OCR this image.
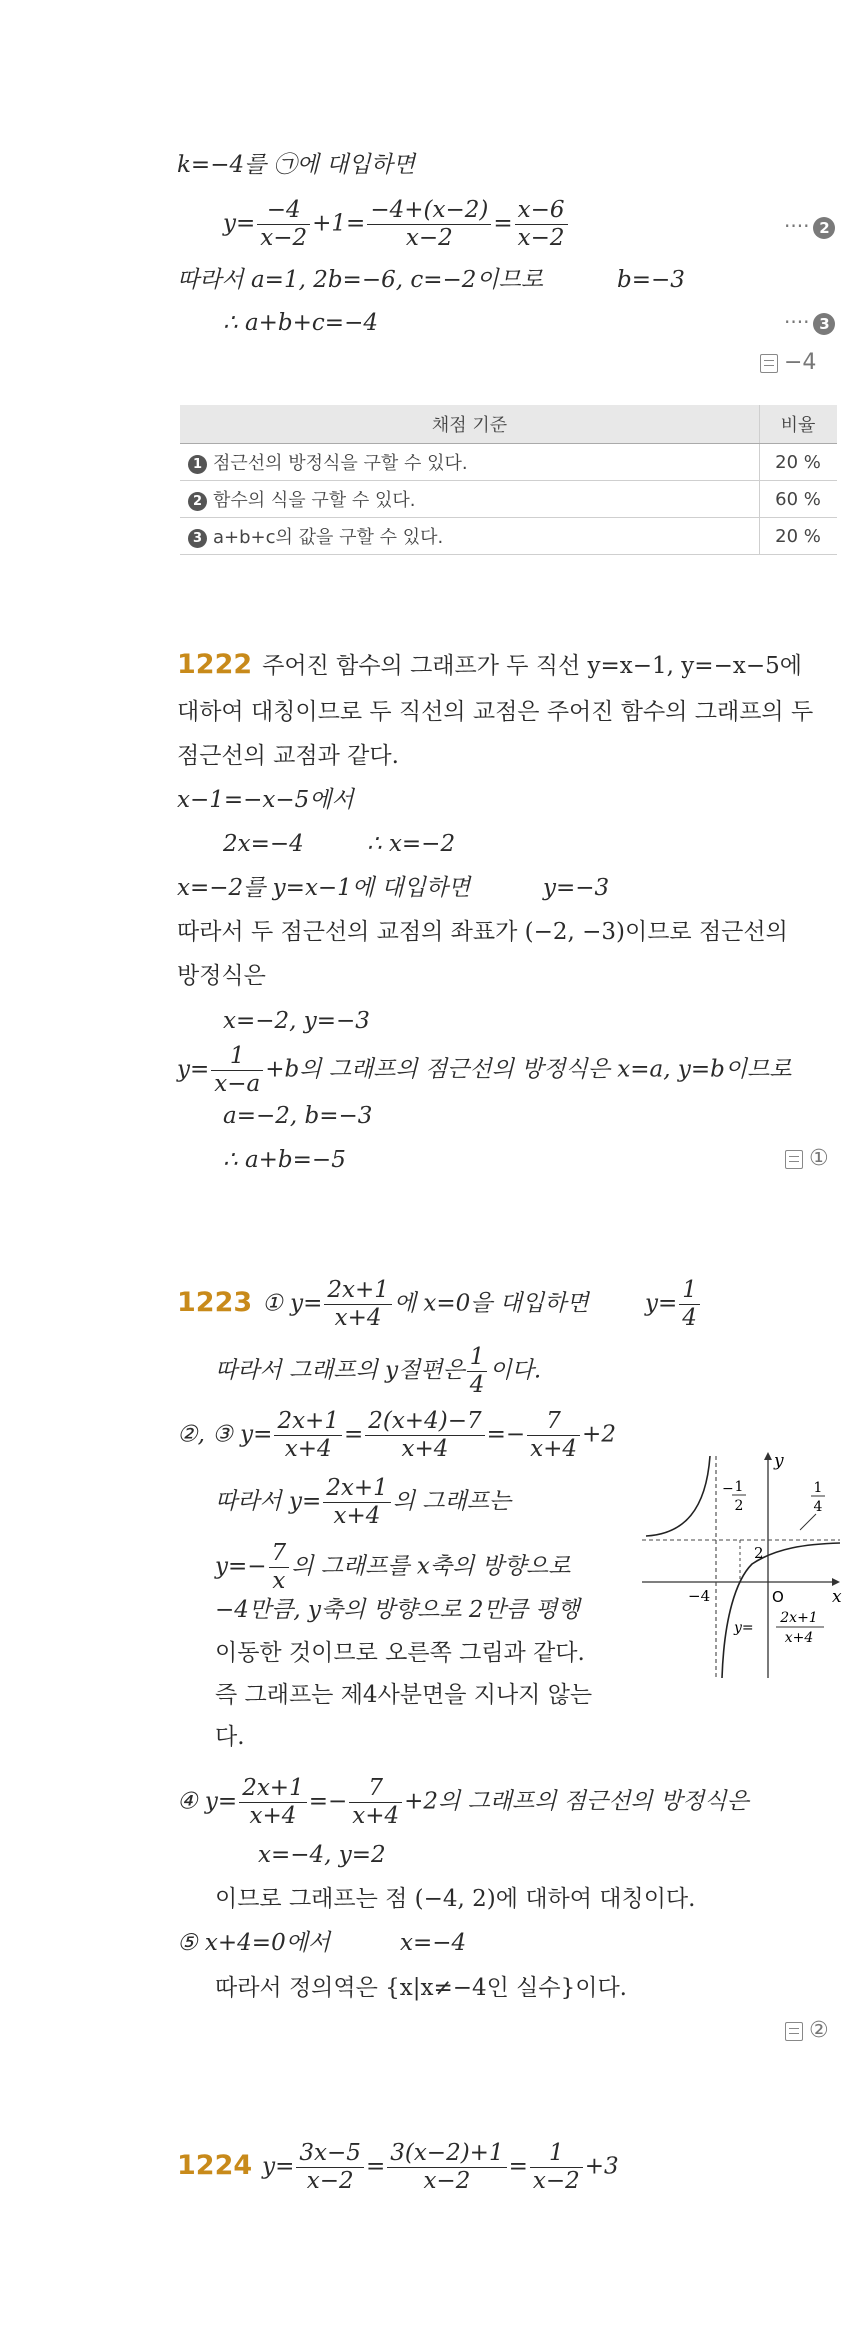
k=−4를 ㉠에 대입하면
$y= \frac{-4}{x-2} +1= \frac{-4+(x-2)}{x-2} = \frac{x-6}{x-2}$	···· 2
따라서 a=1, 2b=−6, c=−2이므로	b=−3
∴ a+b+c=−4	···· 3
−4
채점 기준	비율
1 점근선의 방정식을 구할 수 있다.	20 %
2 함수의 식을 구할 수 있다.	60 %
3 a+b+c의 값을 구할 수 있다.	20 %
1222 주어진 함수의 그래프가 두 직선 y=x−1, y=−x−5에
대하여 대칭이므로 두 직선의 교점은 주어진 함수의 그래프의 두
점근선의 교점과 같다.
x−1=−x−5에서
2x=−4	∴ x=−2
x=−2를 y=x−1에 대입하면	y=−3
따라서 두 점근선의 교점의 좌표가 (−2, −3)이므로 점근선의
방정식은
x=−2, y=−3
$y= \frac{1}{x-a} +b$의 그래프의 점근선의 방정식은 x=a, y=b이므로
a=−2, b=−3
∴ a+b=−5	①
1223 ① $y= \frac{2x+1}{x+4}$ 에 x=0을 대입하면 $y= \frac{1}{4}$
따라서 그래프의 y절편은 $\frac{1}{4}$ 이다.
②, ③ $y= \frac{2x+1}{x+4} = \frac{2(x+4)-7}{x+4} =- \frac{7}{x+4} +2$
따라서 $y= \frac{2x+1}{x+4}$ 의 그래프는
$y=- \frac{7}{x}$ 의 그래프를 x축의 방향으로
−4만큼, y축의 방향으로 2만큼 평행
이동한 것이므로 오른쪽 그림과 같다.
즉 그래프는 제4사분면을 지나지 않는
다.
y
x
O
−4
2
− 1
2
1
4
y=
2x+1
x+4
④ $y= \frac{2x+1}{x+4} =- \frac{7}{x+4} +2$의 그래프의 점근선의 방정식은
x=−4, y=2
이므로 그래프는 점 (−4, 2)에 대하여 대칭이다.
⑤ x+4=0에서	x=−4
따라서 정의역은 {x|x≠−4인 실수}이다.
②
1224 $y= \frac{3x-5}{x-2} = \frac{3(x-2)+1}{x-2} = \frac{1}{x-2} +3$
